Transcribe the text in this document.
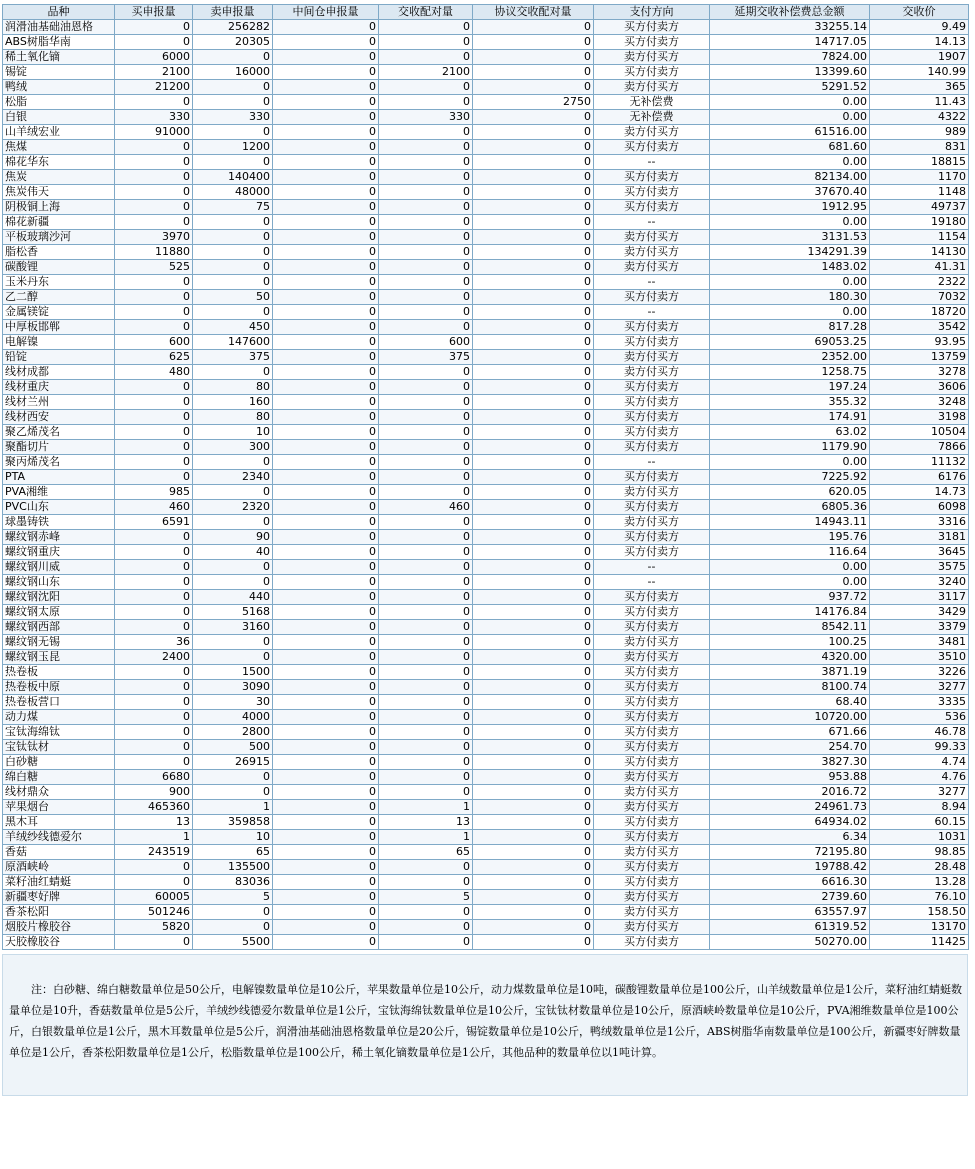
品种	买申报量	卖申报量	中间仓申报量	交收配对量	协议交收配对量	支付方向	延期交收补偿费总金额	交收价
润滑油基础油恩格	0	256282	0	0	0	买方付卖方	33255.14	9.49
ABS树脂华南	0	20305	0	0	0	买方付卖方	14717.05	14.13
稀土氧化镝	6000	0	0	0	0	卖方付买方	7824.00	1907
锡锭	2100	16000	0	2100	0	买方付卖方	13399.60	140.99
鸭绒	21200	0	0	0	0	卖方付买方	5291.52	365
松脂	0	0	0	0	2750	无补偿费	0.00	11.43
白银	330	330	0	330	0	无补偿费	0.00	4322
山羊绒宏业	91000	0	0	0	0	卖方付买方	61516.00	989
焦煤	0	1200	0	0	0	买方付卖方	681.60	831
棉花华东	0	0	0	0	0	--	0.00	18815
焦炭	0	140400	0	0	0	买方付卖方	82134.00	1170
焦炭伟天	0	48000	0	0	0	买方付卖方	37670.40	1148
阴极铜上海	0	75	0	0	0	买方付卖方	1912.95	49737
棉花新疆	0	0	0	0	0	--	0.00	19180
平板玻璃沙河	3970	0	0	0	0	卖方付买方	3131.53	1154
脂松香	11880	0	0	0	0	卖方付买方	134291.39	14130
碳酸锂	525	0	0	0	0	卖方付买方	1483.02	41.31
玉米丹东	0	0	0	0	0	--	0.00	2322
乙二醇	0	50	0	0	0	买方付卖方	180.30	7032
金属镁锭	0	0	0	0	0	--	0.00	18720
中厚板邯郸	0	450	0	0	0	买方付卖方	817.28	3542
电解镍	600	147600	0	600	0	买方付卖方	69053.25	93.95
铅锭	625	375	0	375	0	卖方付买方	2352.00	13759
线材成都	480	0	0	0	0	卖方付买方	1258.75	3278
线材重庆	0	80	0	0	0	买方付卖方	197.24	3606
线材兰州	0	160	0	0	0	买方付卖方	355.32	3248
线材西安	0	80	0	0	0	买方付卖方	174.91	3198
聚乙烯茂名	0	10	0	0	0	买方付卖方	63.02	10504
聚酯切片	0	300	0	0	0	买方付卖方	1179.90	7866
聚丙烯茂名	0	0	0	0	0	--	0.00	11132
PTA	0	2340	0	0	0	买方付卖方	7225.92	6176
PVA湘维	985	0	0	0	0	卖方付买方	620.05	14.73
PVC山东	460	2320	0	460	0	买方付卖方	6805.36	6098
球墨铸铁	6591	0	0	0	0	卖方付买方	14943.11	3316
螺纹钢赤峰	0	90	0	0	0	买方付卖方	195.76	3181
螺纹钢重庆	0	40	0	0	0	买方付卖方	116.64	3645
螺纹钢川威	0	0	0	0	0	--	0.00	3575
螺纹钢山东	0	0	0	0	0	--	0.00	3240
螺纹钢沈阳	0	440	0	0	0	买方付卖方	937.72	3117
螺纹钢太原	0	5168	0	0	0	买方付卖方	14176.84	3429
螺纹钢西部	0	3160	0	0	0	买方付卖方	8542.11	3379
螺纹钢无锡	36	0	0	0	0	卖方付买方	100.25	3481
螺纹钢玉昆	2400	0	0	0	0	卖方付买方	4320.00	3510
热卷板	0	1500	0	0	0	买方付卖方	3871.19	3226
热卷板中原	0	3090	0	0	0	买方付卖方	8100.74	3277
热卷板营口	0	30	0	0	0	买方付卖方	68.40	3335
动力煤	0	4000	0	0	0	买方付卖方	10720.00	536
宝钛海绵钛	0	2800	0	0	0	买方付卖方	671.66	46.78
宝钛钛材	0	500	0	0	0	买方付卖方	254.70	99.33
白砂糖	0	26915	0	0	0	买方付卖方	3827.30	4.74
绵白糖	6680	0	0	0	0	卖方付买方	953.88	4.76
线材鼎众	900	0	0	0	0	卖方付买方	2016.72	3277
苹果烟台	465360	1	0	1	0	卖方付买方	24961.73	8.94
黑木耳	13	359858	0	13	0	买方付卖方	64934.02	60.15
羊绒纱线德爱尔	1	10	0	1	0	买方付卖方	6.34	1031
香菇	243519	65	0	65	0	卖方付买方	72195.80	98.85
原酒峡岭	0	135500	0	0	0	买方付卖方	19788.42	28.48
菜籽油红蜻蜓	0	83036	0	0	0	买方付卖方	6616.30	13.28
新疆枣好牌	60005	5	0	5	0	卖方付买方	2739.60	76.10
香茶松阳	501246	0	0	0	0	卖方付买方	63557.97	158.50
烟胶片橡胶谷	5820	0	0	0	0	卖方付买方	61319.52	13170
天胶橡胶谷	0	5500	0	0	0	买方付卖方	50270.00	11425
注：白砂糖、绵白糖数量单位是50公斤，电解镍数量单位是10公斤，苹果数量单位是10公斤，动力煤数量单位是10吨，碳酸锂数量单位是100公斤，山羊绒数量单位是1公斤，菜籽油红蜻蜓数量单位是10升，香菇数量单位是5公斤，羊绒纱线德爱尔数量单位是1公斤，宝钛海绵钛数量单位是10公斤，宝钛钛材数量单位是10公斤，原酒峡岭数量单位是10公斤，PVA湘维数量单位是100公斤，白银数量单位是1公斤，黑木耳数量单位是5公斤，润滑油基础油恩格数量单位是20公斤，锡锭数量单位是10公斤，鸭绒数量单位是1公斤，ABS树脂华南数量单位是100公斤，新疆枣好牌数量单位是1公斤，香茶松阳数量单位是1公斤，松脂数量单位是100公斤，稀土氧化镝数量单位是1公斤，其他品种的数量单位以1吨计算。
